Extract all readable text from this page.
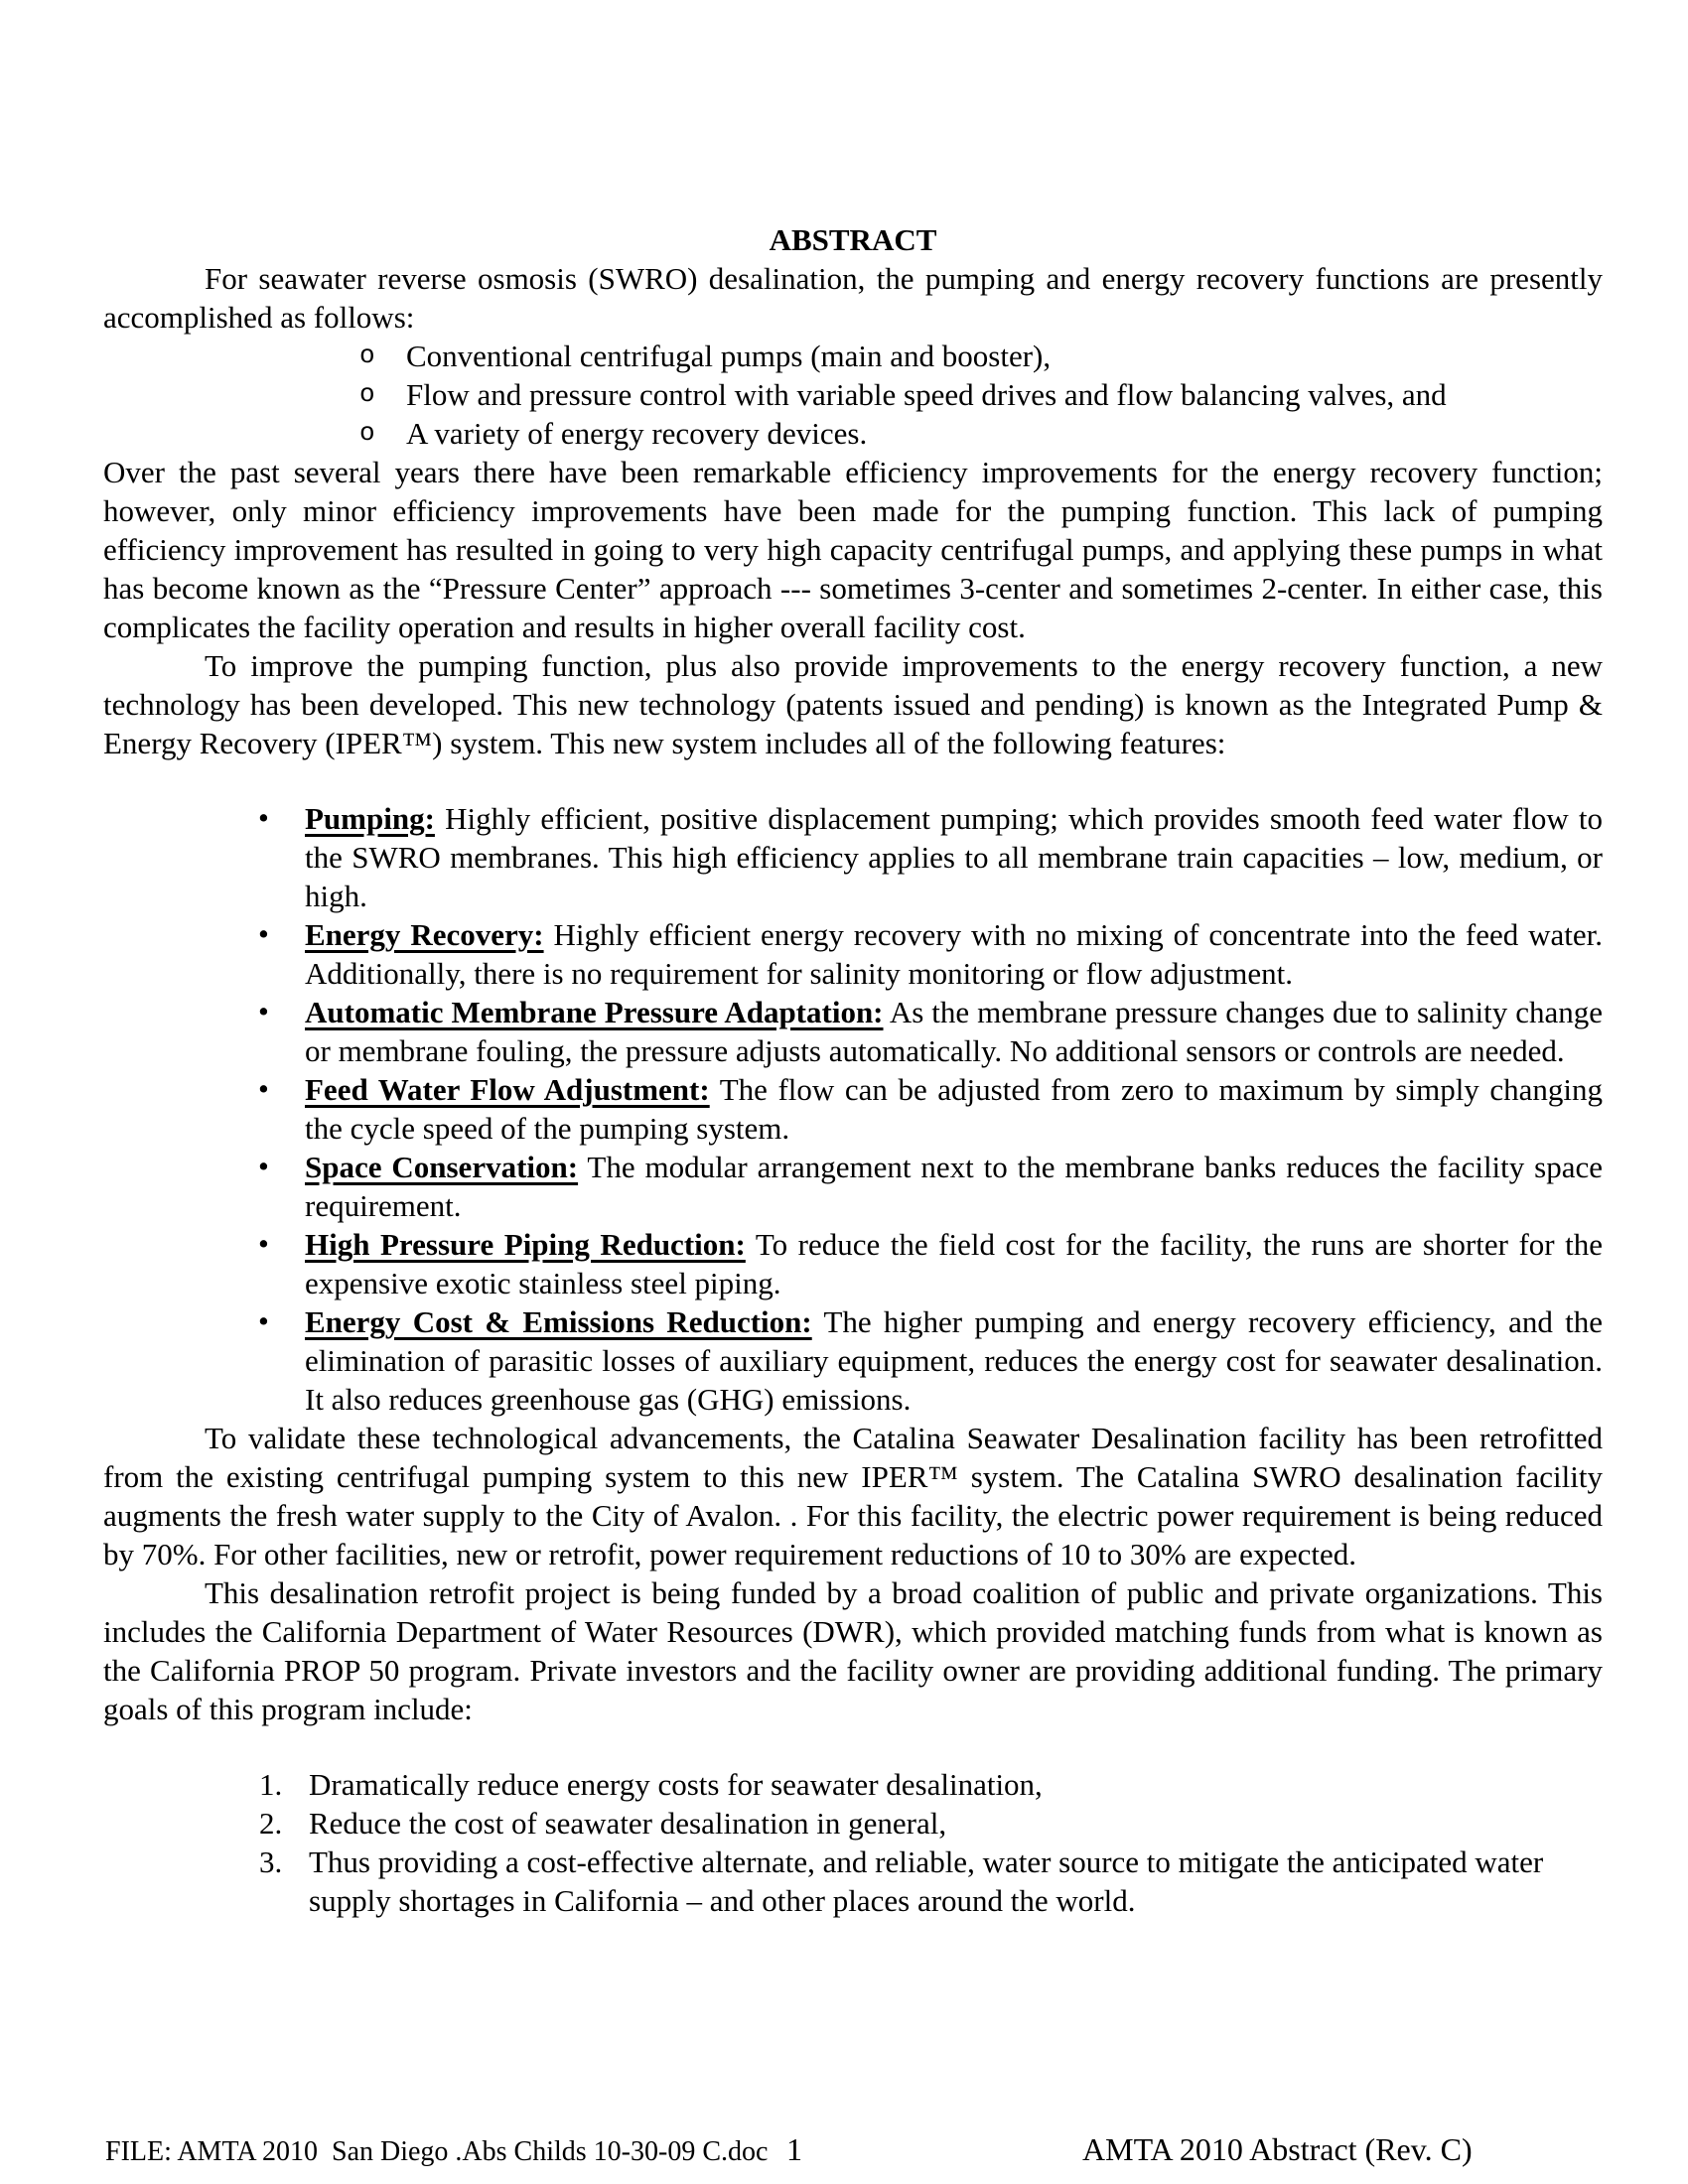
ABSTRACT

For seawater reverse osmosis (SWRO) desalination, the pumping and energy recovery functions are presently accomplished as follows:

o Conventional centrifugal pumps (main and booster),
o Flow and pressure control with variable speed drives and flow balancing valves, and
o A variety of energy recovery devices.

Over the past several years there have been remarkable efficiency improvements for the energy recovery function; however, only minor efficiency improvements have been made for the pumping function. This lack of pumping efficiency improvement has resulted in going to very high capacity centrifugal pumps, and applying these pumps in what has become known as the “Pressure Center” approach --- sometimes 3-center and sometimes 2-center. In either case, this complicates the facility operation and results in higher overall facility cost.

To improve the pumping function, plus also provide improvements to the energy recovery function, a new technology has been developed. This new technology (patents issued and pending) is known as the Integrated Pump & Energy Recovery (IPER™) system. This new system includes all of the following features:

• Pumping: Highly efficient, positive displacement pumping; which provides smooth feed water flow to the SWRO membranes. This high efficiency applies to all membrane train capacities – low, medium, or high.
• Energy Recovery: Highly efficient energy recovery with no mixing of concentrate into the feed water. Additionally, there is no requirement for salinity monitoring or flow adjustment.
• Automatic Membrane Pressure Adaptation: As the membrane pressure changes due to salinity change or membrane fouling, the pressure adjusts automatically. No additional sensors or controls are needed.
• Feed Water Flow Adjustment: The flow can be adjusted from zero to maximum by simply changing the cycle speed of the pumping system.
• Space Conservation: The modular arrangement next to the membrane banks reduces the facility space requirement.
• High Pressure Piping Reduction: To reduce the field cost for the facility, the runs are shorter for the expensive exotic stainless steel piping.
• Energy Cost & Emissions Reduction: The higher pumping and energy recovery efficiency, and the elimination of parasitic losses of auxiliary equipment, reduces the energy cost for seawater desalination. It also reduces greenhouse gas (GHG) emissions.

To validate these technological advancements, the Catalina Seawater Desalination facility has been retrofitted from the existing centrifugal pumping system to this new IPER™ system. The Catalina SWRO desalination facility augments the fresh water supply to the City of Avalon. . For this facility, the electric power requirement is being reduced by 70%. For other facilities, new or retrofit, power requirement reductions of 10 to 30% are expected.

This desalination retrofit project is being funded by a broad coalition of public and private organizations. This includes the California Department of Water Resources (DWR), which provided matching funds from what is known as the California PROP 50 program. Private investors and the facility owner are providing additional funding. The primary goals of this program include:

1. Dramatically reduce energy costs for seawater desalination,
2. Reduce the cost of seawater desalination in general,
3. Thus providing a cost-effective alternate, and reliable, water source to mitigate the anticipated water supply shortages in California – and other places around the world.
FILE: AMTA 2010  San Diego .Abs Childs 10-30-09 C.doc 1	AMTA 2010 Abstract (Rev. C)
